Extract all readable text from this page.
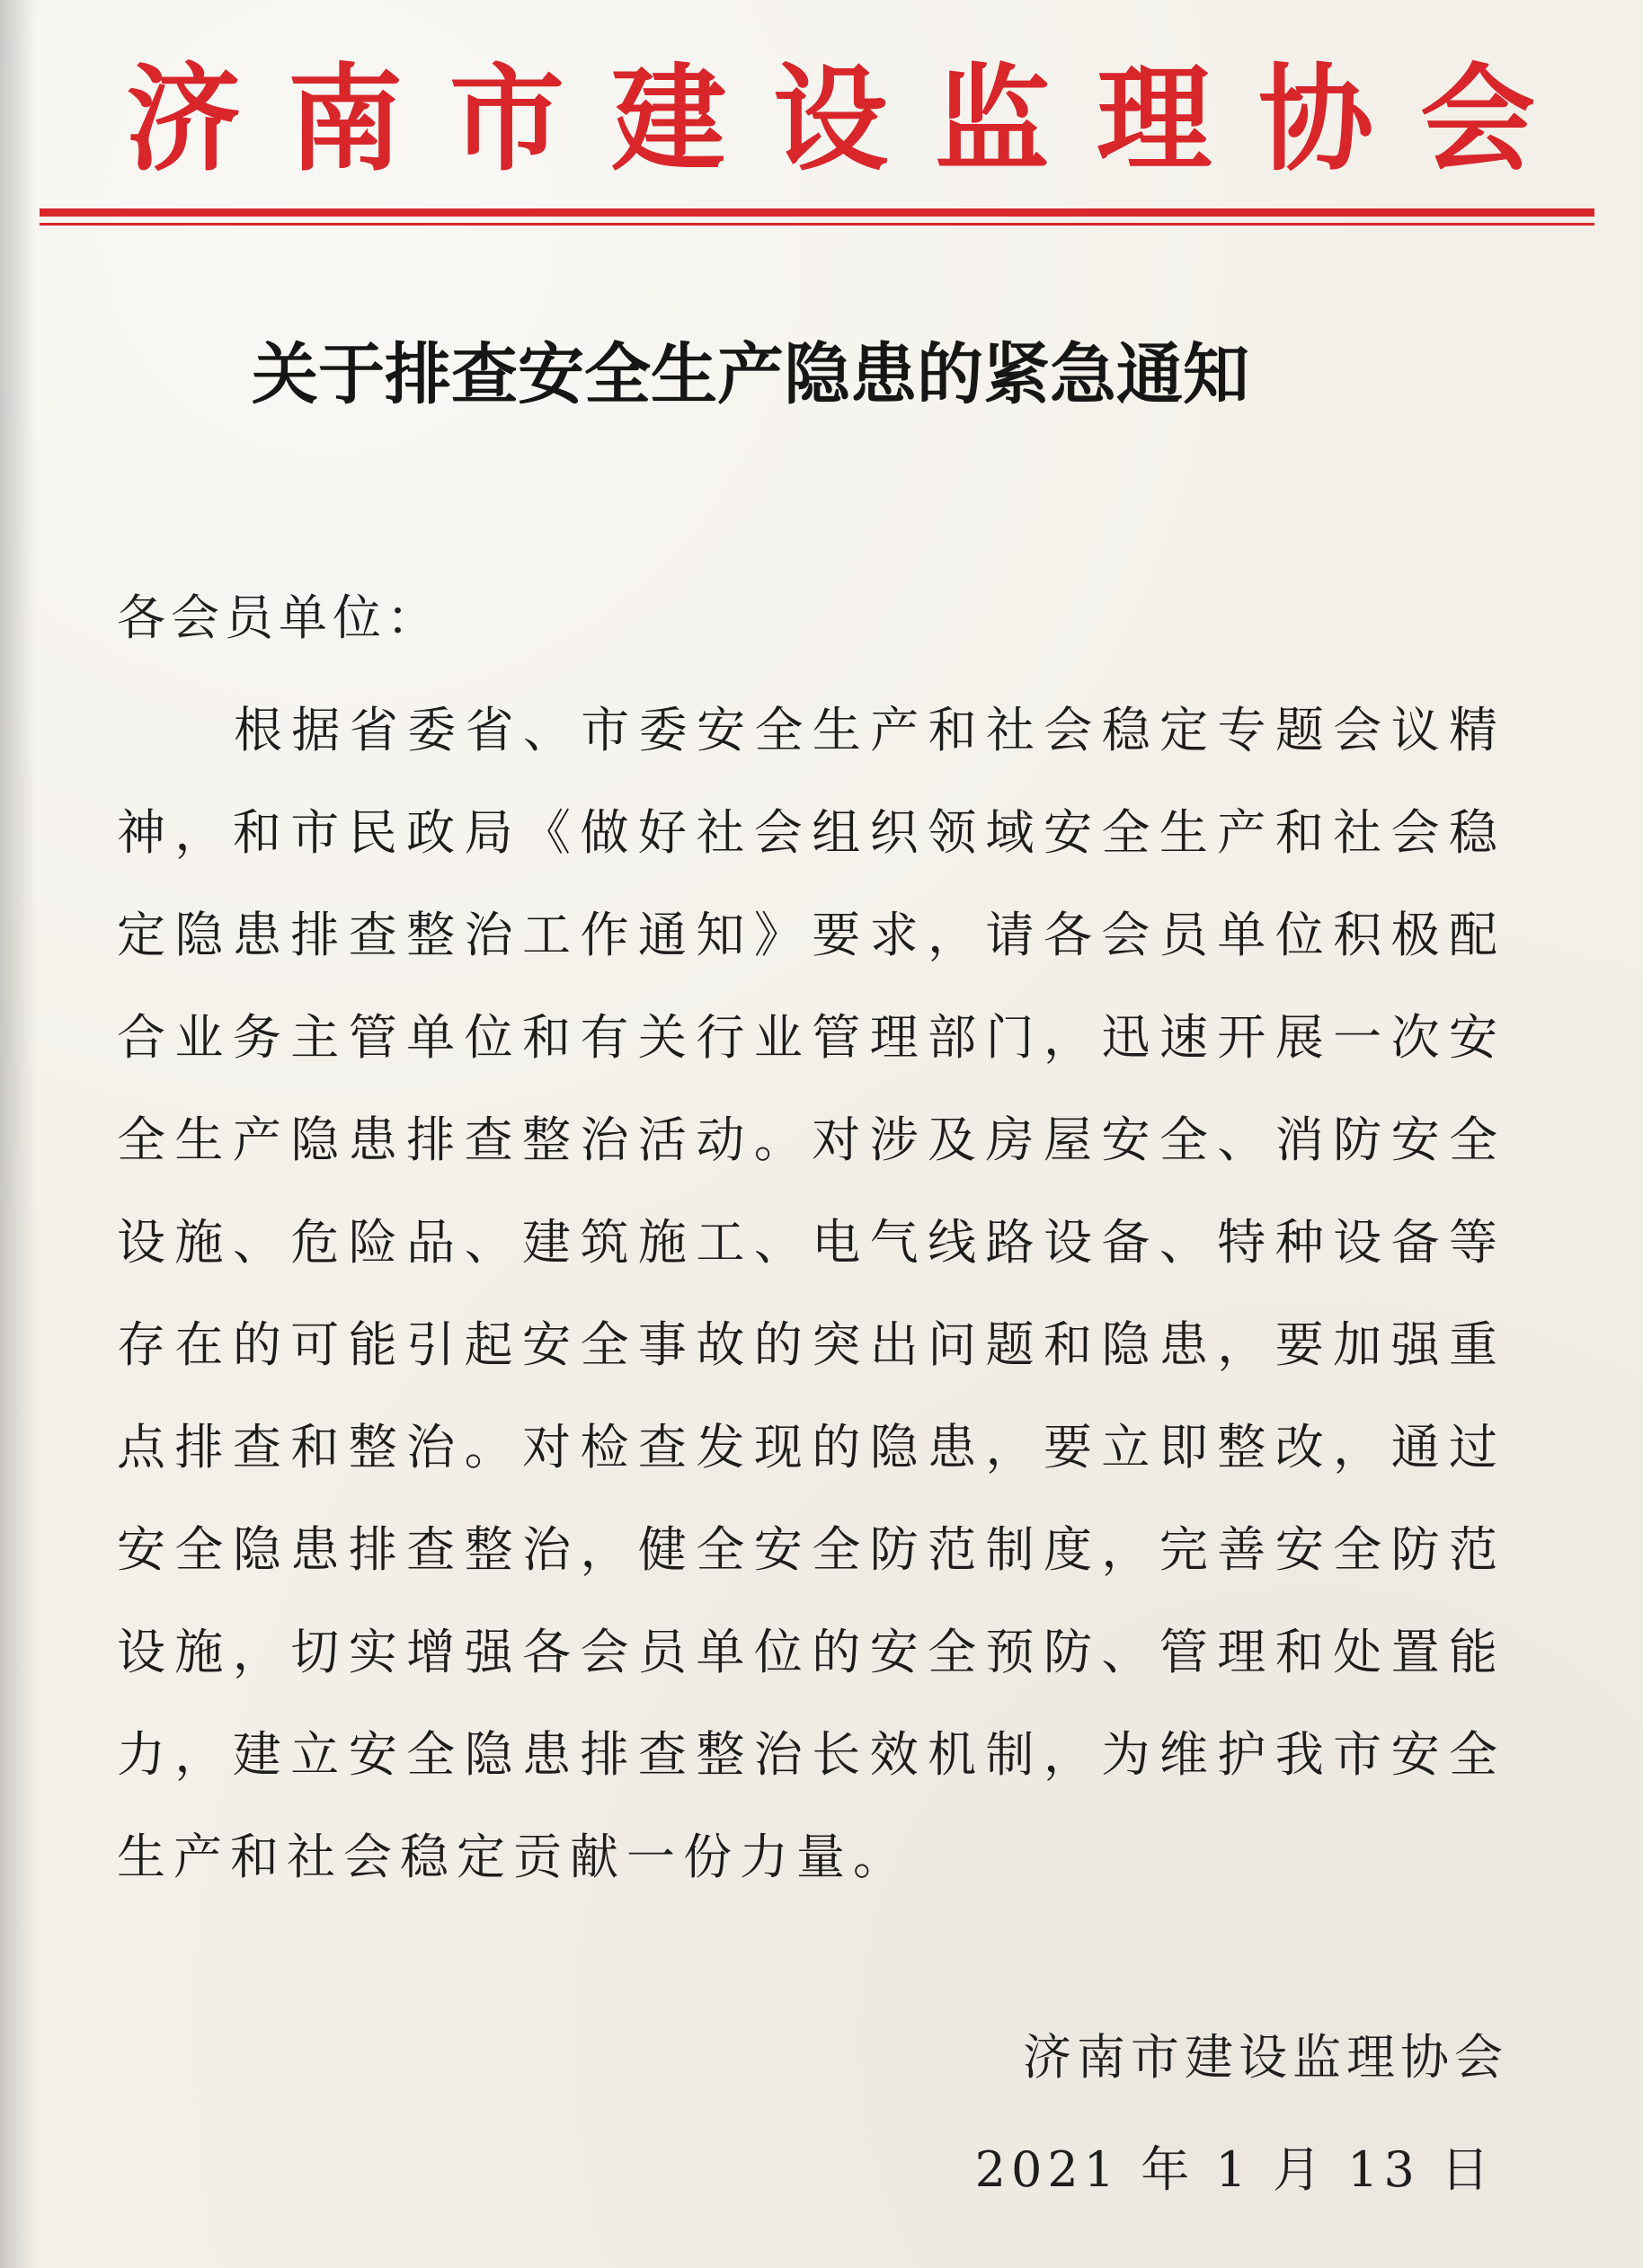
济南市建设监理协会
关于排查安全生产隐患的紧急通知
各会员单位：
根据省委省、市委安全生产和社会稳定专题会议精神，和市民政局《做好社会组织领域安全生产和社会稳定隐患排查整治工作通知》要求，请各会员单位积极配合业务主管单位和有关行业管理部门，迅速开展一次安全生产隐患排查整治活动。对涉及房屋安全、消防安全设施、危险品、建筑施工、电气线路设备、特种设备等存在的可能引起安全事故的突出问题和隐患，要加强重点排查和整治。对检查发现的隐患，要立即整改，通过安全隐患排查整治，健全安全防范制度，完善安全防范设施，切实增强各会员单位的安全预防、管理和处置能力，建立安全隐患排查整治长效机制，为维护我市安全生产和社会稳定贡献一份力量。
济南市建设监理协会
2021 年 1 月 13 日
